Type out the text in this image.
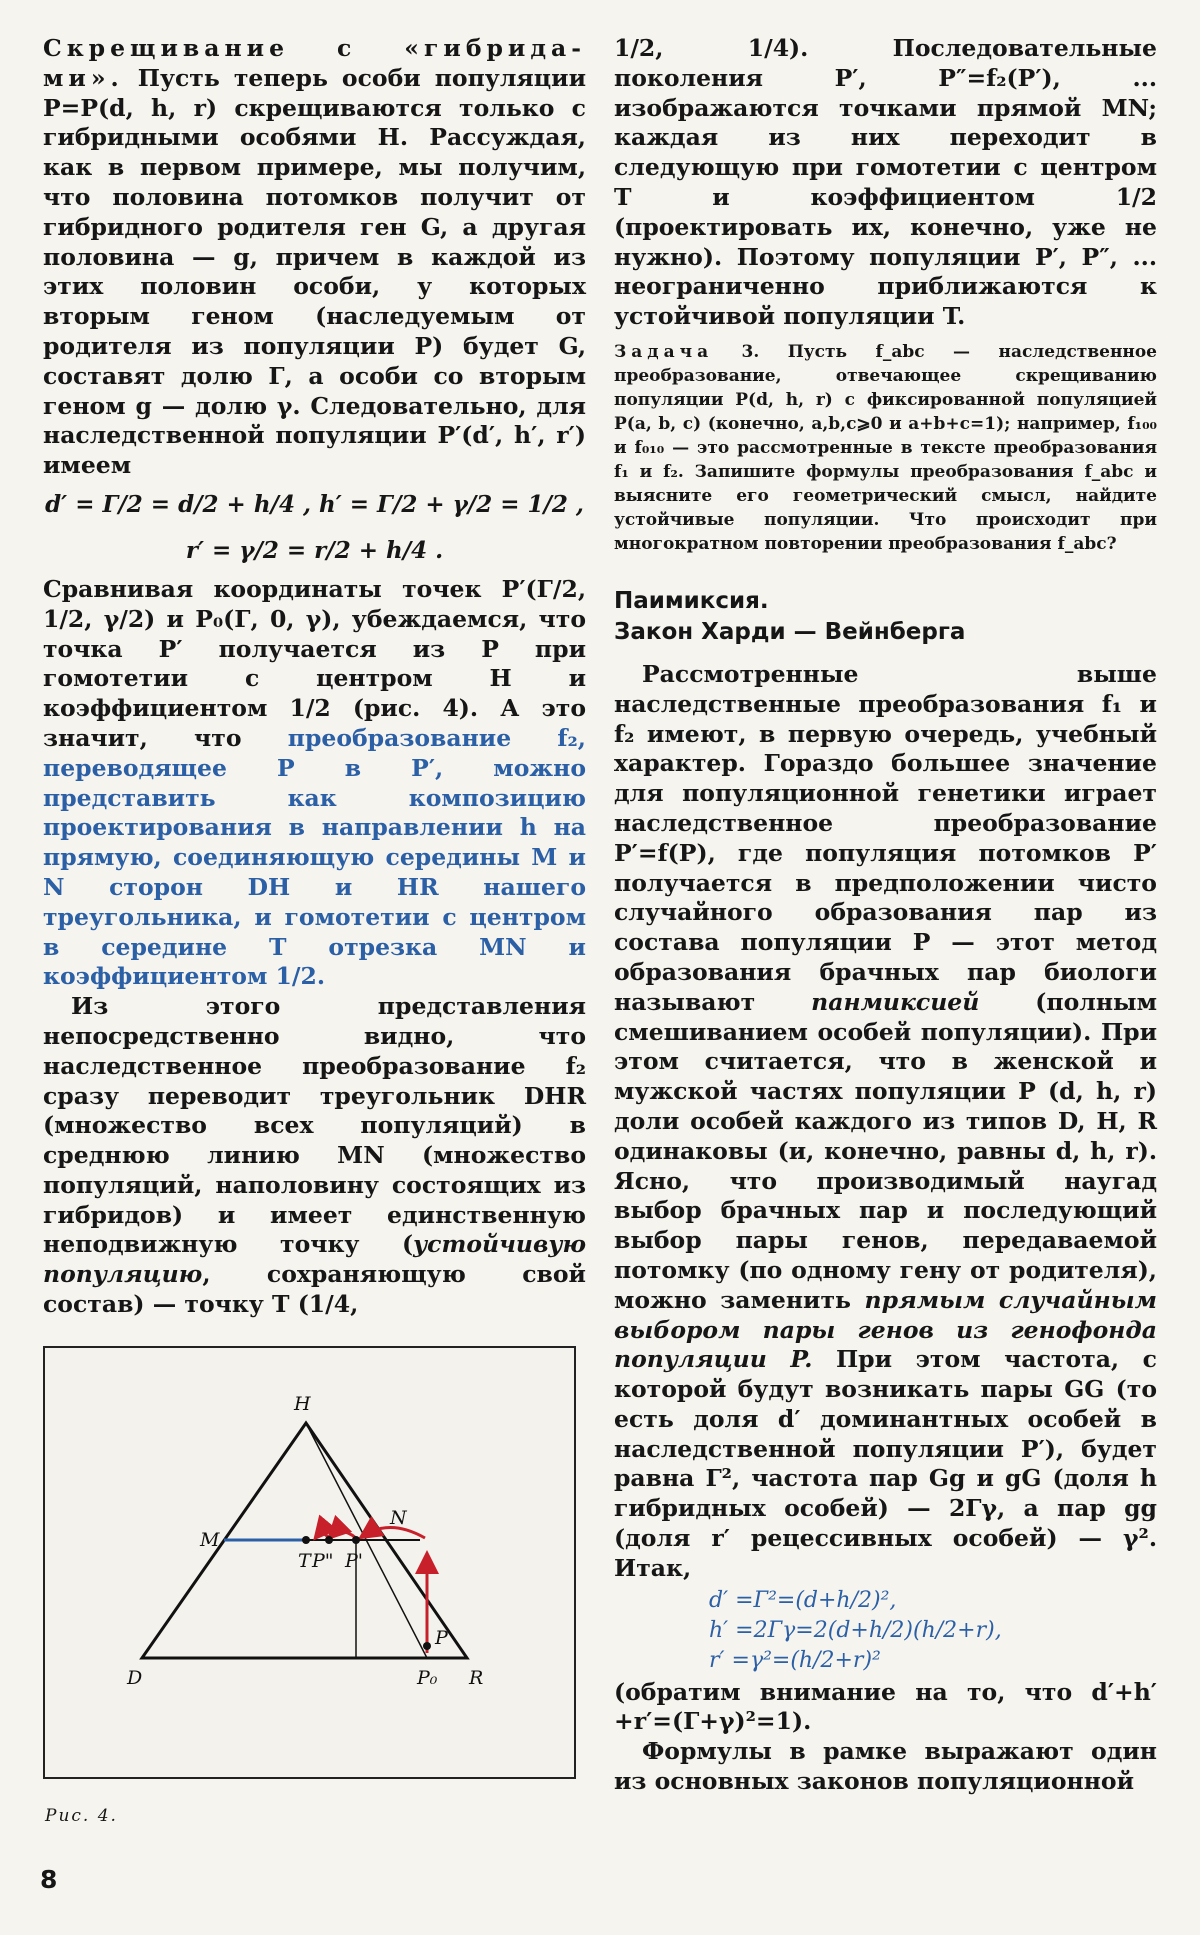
Скрещивание с «гибрида-ми». Пусть теперь особи популяции P=P(d, h, r) скрещиваются только с гибридными особями H. Рассуждая, как в первом примере, мы получим, что половина потомков получит от гибридного родителя ген G, а другая половина — g, причем в каждой из этих половин особи, у которых вторым геном (наследуемым от родителя из популяции P) будет G, составят долю Г, а особи со вторым геном g — долю γ. Следовательно, для наследственной популяции P′(d′, h′, r′) имеем

d′ = Г/2 = d/2 + h/4 , h′ = Г/2 + γ/2 = 1/2 ,
r′ = γ/2 = r/2 + h/4 .

Сравнивая координаты точек P′(Г/2, 1/2, γ/2) и P₀(Г, 0, γ), убеждаемся, что точка P′ получается из P при гомотетии с центром H и коэффициентом 1/2 (рис. 4). А это значит, что преобразование f₂, переводящее P в P′, можно представить как композицию проектирования в направлении h на прямую, соединяющую середины M и N сторон DH и HR нашего треугольника, и гомотетии с центром в середине T отрезка MN и коэффициентом 1/2.

Из этого представления непосредственно видно, что наследственное преобразование f₂ сразу переводит треугольник DHR (множество всех популяций) в среднюю линию MN (множество популяций, наполовину состоящих из гибридов) и имеет единственную неподвижную точку (устойчивую популяцию, сохраняющую свой состав) — точку T (1/4,

1/2, 1/4). Последовательные поколения P′, P″=f₂(P′), ... изображаются точками прямой MN; каждая из них переходит в следующую при гомотетии с центром T и коэффициентом 1/2 (проектировать их, конечно, уже не нужно). Поэтому популяции P′, P″, ... неограниченно приближаются к устойчивой популяции T.

Задача 3. Пусть f_abc — наследственное преобразование, отвечающее скрещиванию популяции P(d, h, r) с фиксированной популяцией P(a, b, c) (конечно, a,b,c⩾0 и a+b+c=1); например, f₁₀₀ и f₀₁₀ — это рассмотренные в тексте преобразования f₁ и f₂. Запишите формулы преобразования f_abc и выясните его геометрический смысл, найдите устойчивые популяции. Что происходит при многократном повторении преобразования f_abc?

Паимиксия.

Закон Харди — Вейнберга

Рассмотренные выше наследственные преобразования f₁ и f₂ имеют, в первую очередь, учебный характер. Гораздо большее значение для популяционной генетики играет наследственное преобразование P′=f(P), где популяция потомков P′ получается в предположении чисто случайного образования пар из состава популяции P — этот метод образования брачных пар биологи называют панмиксией (полным смешиванием особей популяции). При этом считается, что в женской и мужской частях популяции P (d, h, r) доли особей каждого из типов D, H, R одинаковы (и, конечно, равны d, h, r). Ясно, что производимый наугад выбор брачных пар и последующий выбор пары генов, передаваемой потомку (по одному гену от родителя), можно заменить прямым случайным выбором пары генов из генофонда популяции P. При этом частота, с которой будут возникать пары GG (то есть доля d′ доминантных особей в наследственной популяции P′), будет равна Г², частота пар Gg и gG (доля h гибридных особей) — 2Гγ, а пар gg (доля r′ рецессивных особей) — γ². Итак,

d′ =Г²=(d+h/2)²,
h′ =2Гγ=2(d+h/2)(h/2+r),
r′ =γ²=(h/2+r)²

(обратим внимание на то, что d′+h′+r′=(Г+γ)²=1).

Формулы в рамке выражают один из основных законов популяционной

H
M
N
D	R
T P" P'
P
P₀
Рис. 4.
8
